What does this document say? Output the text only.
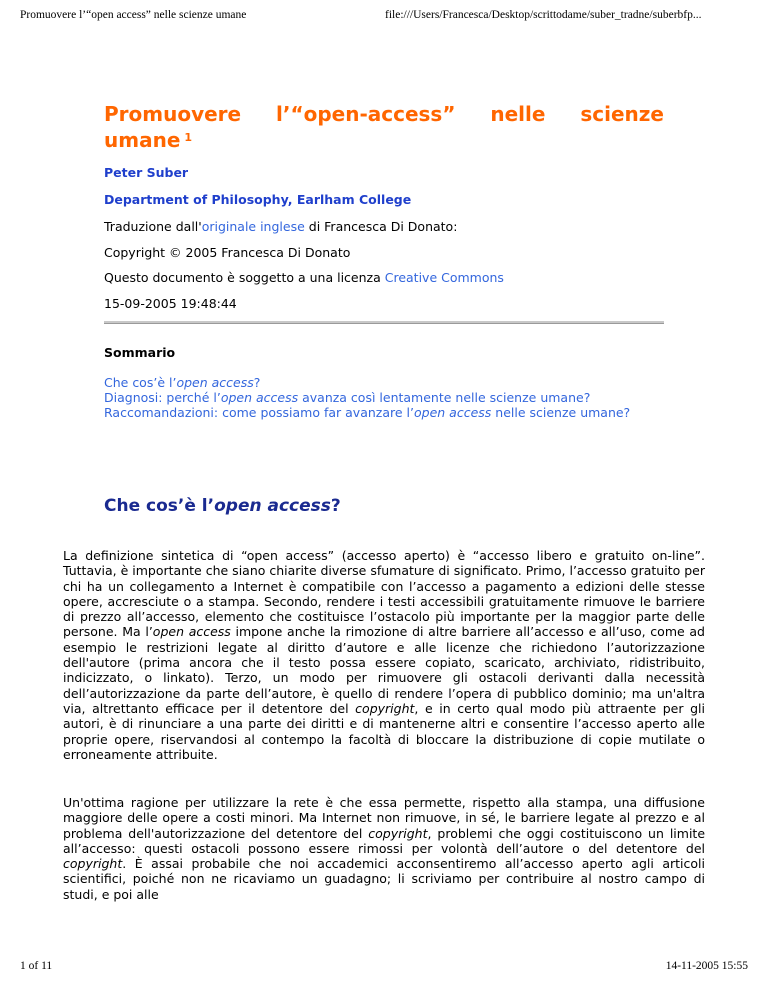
Promuovere l’“open access” nelle scienze umane	file:///Users/Francesca/Desktop/scrittodame/suber_tradne/suberbfp...
Promuovere l’“open-access” nelle scienze
umane $^1$
Peter Suber
Department of Philosophy, Earlham College
Traduzione dall'originale inglese di Francesca Di Donato:
Copyright © 2005 Francesca Di Donato
Questo documento è soggetto a una licenza Creative Commons
15-09-2005 19:48:44
Sommario
Che cos’è l’open access?
Diagnosi: perché l’open access avanza così lentamente nelle scienze umane?
Raccomandazioni: come possiamo far avanzare l’open access nelle scienze umane?
Che cos’è l’open access?
La definizione sintetica di “open access” (accesso aperto) è “accesso libero e gratuito on-line”. Tuttavia, è importante che siano chiarite diverse sfumature di significato. Primo, l’accesso gratuito per chi ha un collegamento a Internet è compatibile con l’accesso a pagamento a edizioni delle stesse opere, accresciute o a stampa. Secondo, rendere i testi accessibili gratuitamente rimuove le barriere di prezzo all’accesso, elemento che costituisce l’ostacolo più importante per la maggior parte delle persone. Ma l’open access impone anche la rimozione di altre barriere all’accesso e all’uso, come ad esempio le restrizioni legate al diritto d’autore e alle licenze che richiedono l’autorizzazione dell'autore (prima ancora che il testo possa essere copiato, scaricato, archiviato, ridistribuito, indicizzato, o linkato). Terzo, un modo per rimuovere gli ostacoli derivanti dalla necessità dell’autorizzazione da parte dell’autore, è quello di rendere l’opera di pubblico dominio; ma un'altra via, altrettanto efficace per il detentore del copyright, e in certo qual modo più attraente per gli autori, è di rinunciare a una parte dei diritti e di mantenerne altri e consentire l’accesso aperto alle proprie opere, riservandosi al contempo la facoltà di bloccare la distribuzione di copie mutilate o erroneamente attribuite.
Un'ottima ragione per utilizzare la rete è che essa permette, rispetto alla stampa, una diffusione maggiore delle opere a costi minori. Ma Internet non rimuove, in sé, le barriere legate al prezzo e al problema dell'autorizzazione del detentore del copyright, problemi che oggi costituiscono un limite all’accesso: questi ostacoli possono essere rimossi per volontà dell’autore o del detentore del copyright. È assai probabile che noi accademici acconsentiremo all’accesso aperto agli articoli scientifici, poiché non ne ricaviamo un guadagno; li scriviamo per contribuire al nostro campo di studi, e poi alle
1 of 11	14-11-2005 15:55
